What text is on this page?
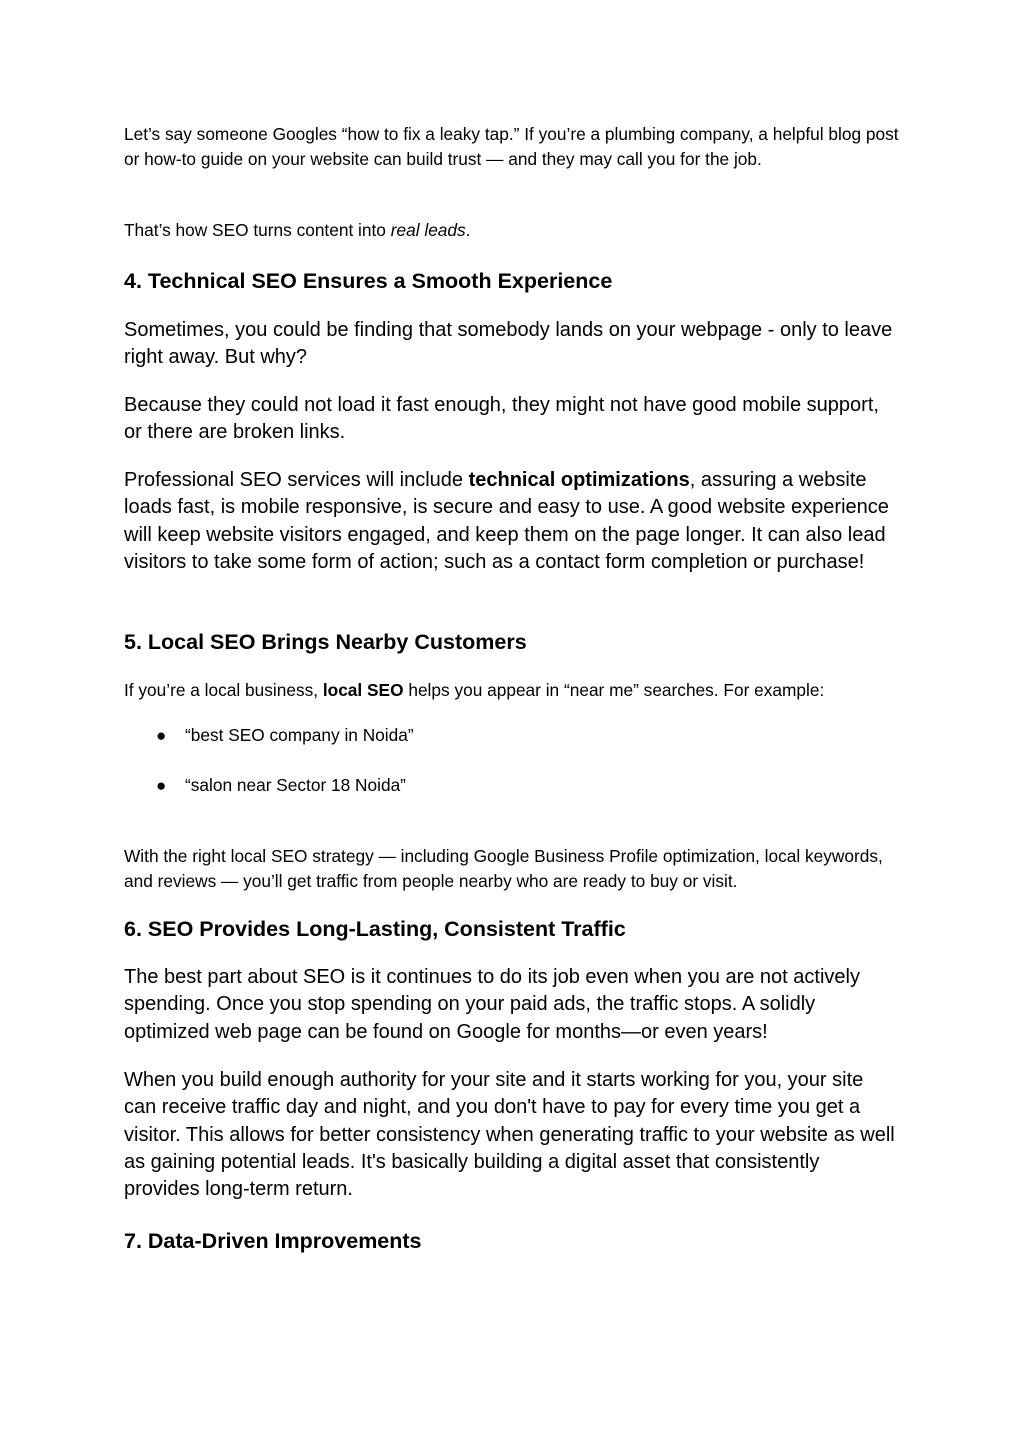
Let’s say someone Googles “how to fix a leaky tap.” If you’re a plumbing company, a helpful blog post or how-to guide on your website can build trust — and they may call you for the job.

That’s how SEO turns content into real leads.

4. Technical SEO Ensures a Smooth Experience

Sometimes, you could be finding that somebody lands on your webpage - only to leave right away. But why?

Because they could not load it fast enough, they might not have good mobile support, or there are broken links.

Professional SEO services will include technical optimizations, assuring a website loads fast, is mobile responsive, is secure and easy to use. A good website experience will keep website visitors engaged, and keep them on the page longer. It can also lead visitors to take some form of action; such as a contact form completion or purchase!

5. Local SEO Brings Nearby Customers

If you’re a local business, local SEO helps you appear in “near me” searches. For example:

● “best SEO company in Noida”
● “salon near Sector 18 Noida”

With the right local SEO strategy — including Google Business Profile optimization, local keywords, and reviews — you’ll get traffic from people nearby who are ready to buy or visit.

6. SEO Provides Long-Lasting, Consistent Traffic

The best part about SEO is it continues to do its job even when you are not actively spending. Once you stop spending on your paid ads, the traffic stops. A solidly optimized web page can be found on Google for months—or even years!

When you build enough authority for your site and it starts working for you, your site can receive traffic day and night, and you don't have to pay for every time you get a visitor. This allows for better consistency when generating traffic to your website as well as gaining potential leads. It's basically building a digital asset that consistently provides long-term return.

7. Data-Driven Improvements
